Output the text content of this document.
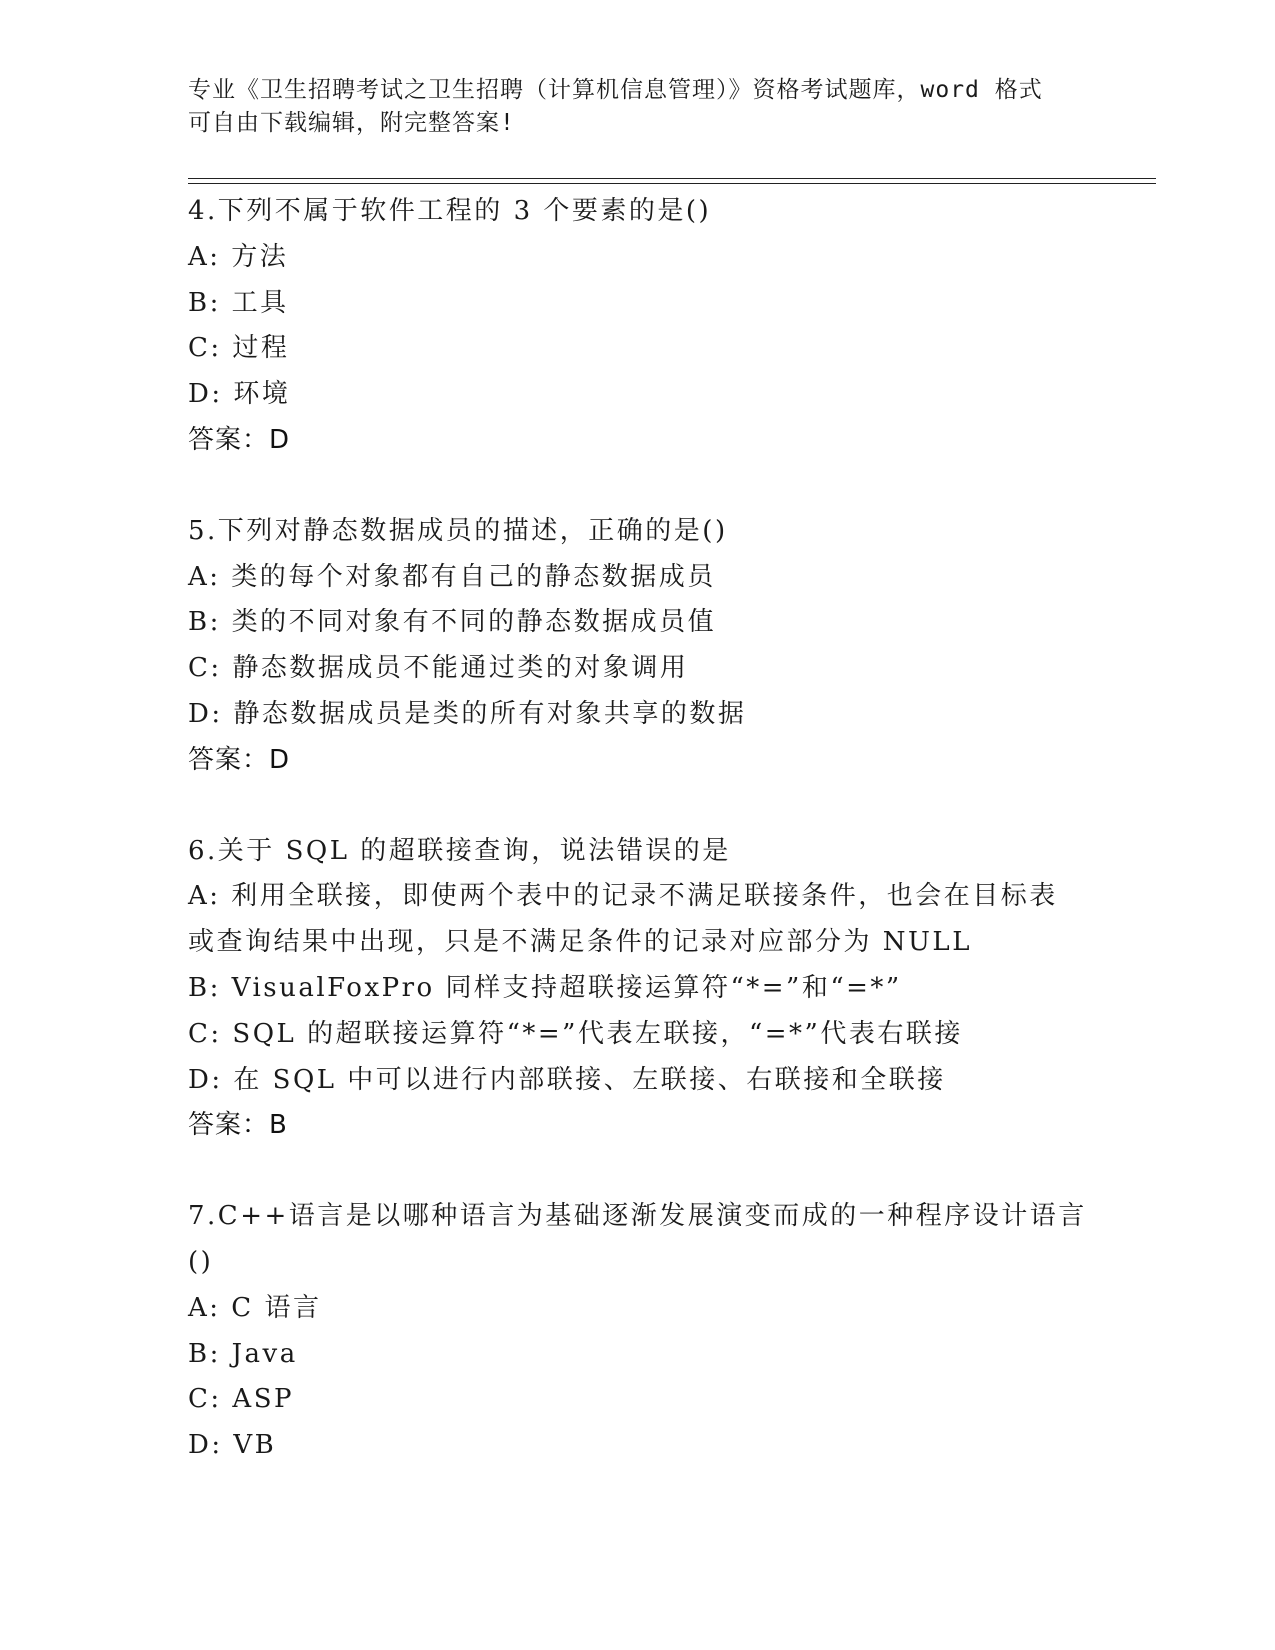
专业《卫生招聘考试之卫生招聘（计算机信息管理）》资格考试题库，word 格式
可自由下载编辑，附完整答案!
4.下列不属于软件工程的 3 个要素的是()
A: 方法
B: 工具
C: 过程
D: 环境
答案：D
5.下列对静态数据成员的描述，正确的是()
A: 类的每个对象都有自己的静态数据成员
B: 类的不同对象有不同的静态数据成员值
C: 静态数据成员不能通过类的对象调用
D: 静态数据成员是类的所有对象共享的数据
答案：D
6.关于 SQL 的超联接查询，说法错误的是
A: 利用全联接，即使两个表中的记录不满足联接条件，也会在目标表
或查询结果中出现，只是不满足条件的记录对应部分为 NULL
B: VisualFoxPro 同样支持超联接运算符“*=”和“=*”
C: SQL 的超联接运算符“*=”代表左联接，“=*”代表右联接
D: 在 SQL 中可以进行内部联接、左联接、右联接和全联接
答案：B
7.C++语言是以哪种语言为基础逐渐发展演变而成的一种程序设计语言
()
A: C 语言
B: Java
C: ASP
D: VB
